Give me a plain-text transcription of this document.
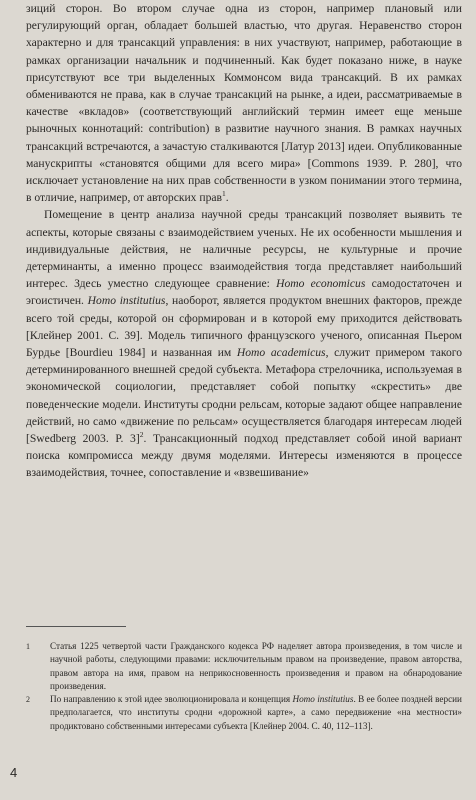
зиций сторон. Во втором случае одна из сторон, например плановый или регулирующий орган, обладает большей властью, что другая. Неравенство сторон характерно и для трансакций управления: в них участвуют, например, работающие в рамках организации начальник и подчиненный. Как будет показано ниже, в науке присутствуют все три выделенных Коммонсом вида трансакций. В их рамках обмениваются не права, как в случае трансакций на рынке, а идеи, рассматриваемые в качестве «вкладов» (соответствующий английский термин имеет еще меньше рыночных коннотаций: contribution) в развитие научного знания. В рамках научных трансакций встречаются, а зачастую сталкиваются [Латур 2013] идеи. Опубликованные манускрипты «становятся общими для всего мира» [Commons 1939. P. 280], что исключает установление на них прав собственности в узком понимании этого термина, в отличие, например, от авторских прав$^1$.

Помещение в центр анализа научной среды трансакций позволяет выявить те аспекты, которые связаны с взаимодействием ученых. Не их особенности мышления и индивидуальные действия, не наличные ресурсы, не культурные и прочие детерминанты, а именно процесс взаимодействия тогда представляет наибольший интерес. Здесь уместно следующее сравнение: Homo economicus самодостаточен и эгоистичен. Homo institutius, наоборот, является продуктом внешних факторов, прежде всего той среды, которой он сформирован и в которой ему приходится действовать [Клейнер 2001. С. 39]. Модель типичного французского ученого, описанная Пьером Бурдье [Bourdieu 1984] и названная им Homo academicus, служит примером такого детерминированного внешней средой субъекта. Метафора стрелочника, используемая в экономической социологии, представляет собой попытку «скрестить» две поведенческие модели. Институты сродни рельсам, которые задают общее направление действий, но само «движение по рельсам» осуществляется благодаря интересам людей [Swedberg 2003. P. 3]$^2$. Трансакционный подход представляет собой иной вариант поиска компромисса между двумя моделями. Интересы изменяются в процессе взаимодействия, точнее, сопоставление и «взвешивание»

1	Статья 1225 четвертой части Гражданского кодекса РФ наделяет автора произведения, в том числе и научной работы, следующими правами: исключительным правом на произведение, правом авторства, правом автора на имя, правом на неприкосновенность произведения и правом на обнародование произведения.
2	По направлению к этой идее эволюционировала и концепция Homo institutius. В ее более поздней версии предполагается, что институты сродни «дорожной карте», а само передвижение «на местности» продиктовано собственными интересами субъекта [Клейнер 2004. С. 40, 112–113].
4
